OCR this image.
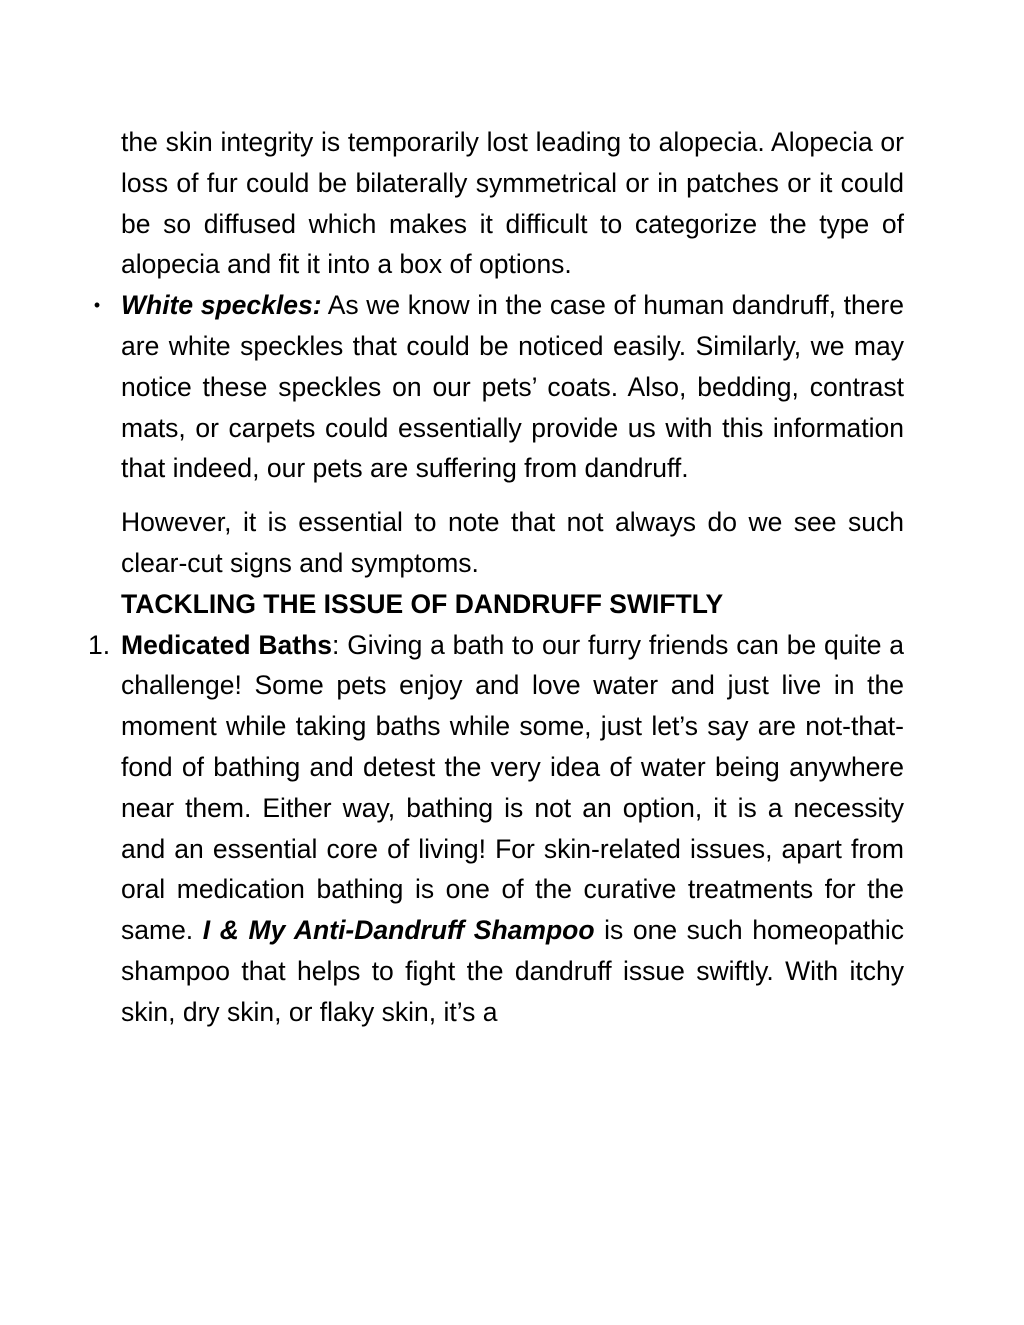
the skin integrity is temporarily lost leading to alopecia. Alopecia or loss of fur could be bilaterally symmetrical or in patches or it could be so diffused which makes it difficult to categorize the type of alopecia and fit it into a box of options.

• White speckles: As we know in the case of human dandruff, there are white speckles that could be noticed easily. Similarly, we may notice these speckles on our pets’ coats. Also, bedding, contrast mats, or carpets could essentially provide us with this information that indeed, our pets are suffering from dandruff.

However, it is essential to note that not always do we see such clear-cut signs and symptoms.

TACKLING THE ISSUE OF DANDRUFF SWIFTLY

1. Medicated Baths: Giving a bath to our furry friends can be quite a challenge! Some pets enjoy and love water and just live in the moment while taking baths while some, just let’s say are not-that-fond of bathing and detest the very idea of water being anywhere near them. Either way, bathing is not an option, it is a necessity and an essential core of living! For skin-related issues, apart from oral medication bathing is one of the curative treatments for the same. I & My Anti-Dandruff Shampoo is one such homeopathic shampoo that helps to fight the dandruff issue swiftly. With itchy skin, dry skin, or flaky skin, it’s a
